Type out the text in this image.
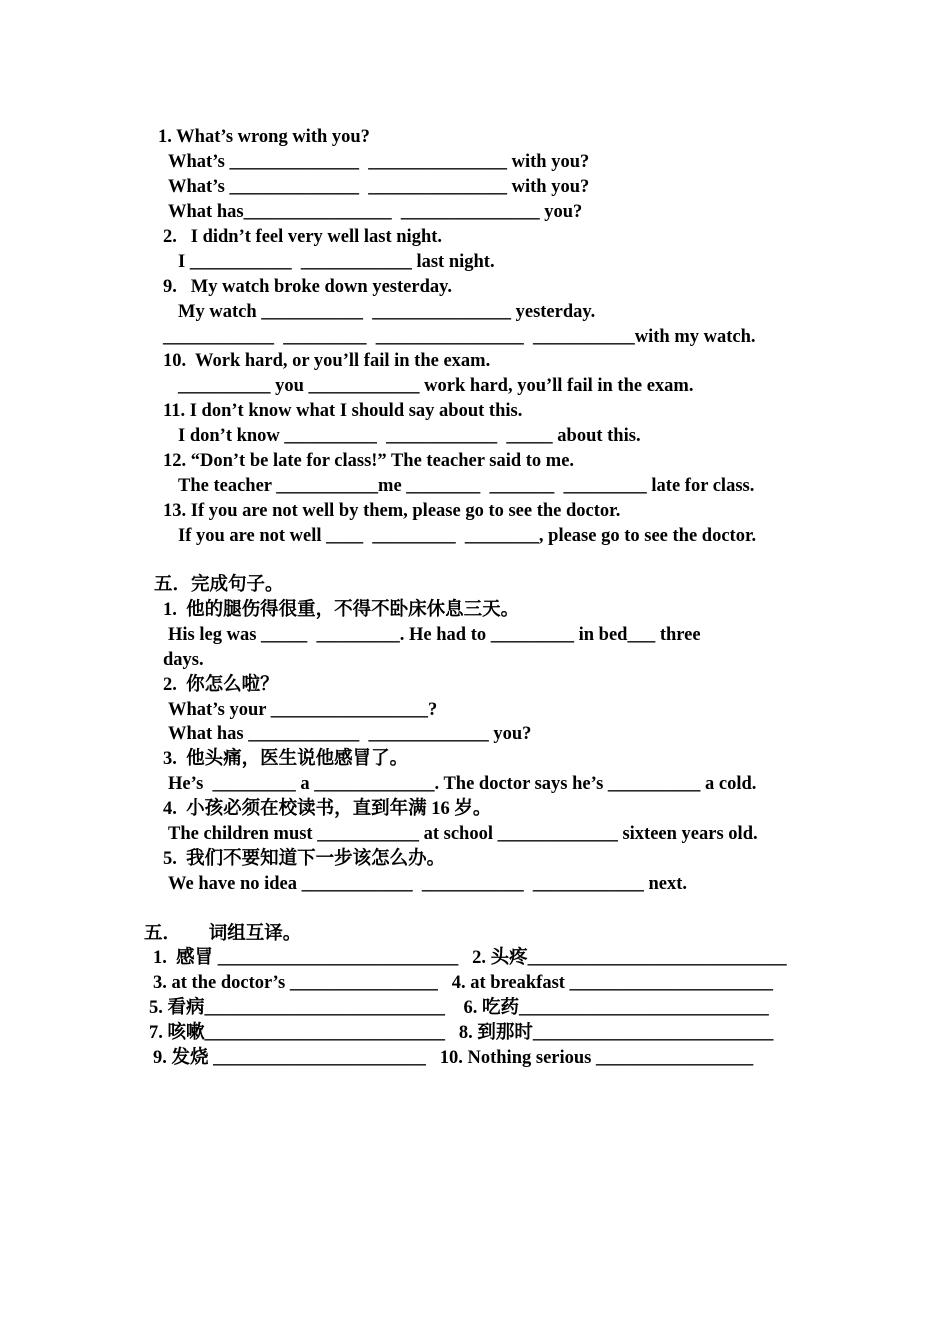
1. What’s wrong with you?
What’s ______________  _______________ with you?
What’s ______________  _______________ with you?
What has________________  _______________ you?
2.   I didn’t feel very well last night.
I ___________  ____________ last night.
9.   My watch broke down yesterday.
My watch ___________  _______________ yesterday.
____________  _________  ________________  ___________with my watch.
10.  Work hard, or you’ll fail in the exam.
__________ you ____________ work hard, you’ll fail in the exam.
11. I don’t know what I should say about this.
I don’t know __________  ____________  _____ about this.
12. “Don’t be late for class!” The teacher said to me.
The teacher ___________me ________  _______  _________ late for class.
13. If you are not well by them, please go to see the doctor.
If you are not well ____  _________  ________, please go to see the doctor.
五．完成句子。
1.  他的腿伤得很重，不得不卧床休息三天。
His leg was _____  _________. He had to _________ in bed___ three
days.
2.  你怎么啦？
What’s your _________________?
What has ____________  _____________ you?
3.  他头痛，医生说他感冒了。
He’s  _________ a _____________. The doctor says he’s __________ a cold.
4.  小孩必须在校读书，直到年满 16 岁。
The children must ___________ at school _____________ sixteen years old.
5.  我们不要知道下一步该怎么办。
We have no idea ____________  ___________  ____________ next.
五．      词组互译。
1.  感冒 __________________________   2. 头疼____________________________
3. at the doctor’s ________________   4. at breakfast ______________________
5. 看病__________________________    6. 吃药___________________________
7. 咳嗽__________________________   8. 到那时__________________________
9. 发烧 _______________________   10. Nothing serious _________________
